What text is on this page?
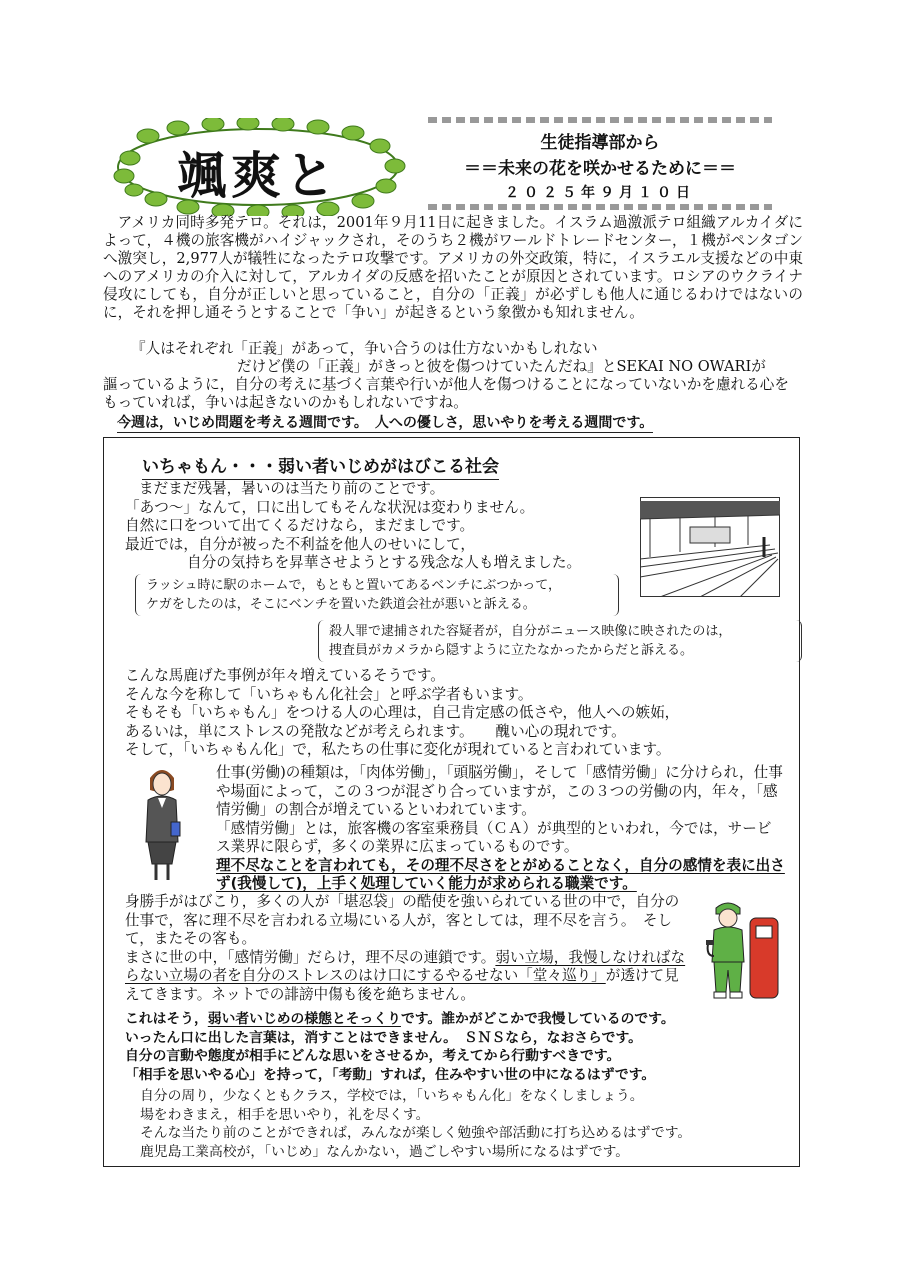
颯爽と
生徒指導部から
＝＝未来の花を咲かせるために＝＝
２０２５年９月１０日
アメリカ同時多発テロ。それは，2001年９月11日に起きました。イスラム過激派テロ組織アルカイダによって，４機の旅客機がハイジャックされ，そのうち２機がワールドトレードセンター，１機がペンタゴンへ激突し，2,977人が犠牲になったテロ攻撃です。アメリカの外交政策，特に，イスラエル支援などの中東へのアメリカの介入に対して，アルカイダの反感を招いたことが原因とされています。ロシアのウクライナ侵攻にしても，自分が正しいと思っていること，自分の「正義」が必ずしも他人に通じるわけではないのに，それを押し通そうとすることで「争い」が起きるという象徴かも知れません。
『人はそれぞれ「正義」があって，争い合うのは仕方ないかもしれない
だけど僕の「正義」がきっと彼を傷つけていたんだね』とSEKAI NO OWARIが
謳っているように，自分の考えに基づく言葉や行いが他人を傷つけることになっていないかを慮れる心をもっていれば，争いは起きないのかもしれないですね。
今週は，いじめ問題を考える週間です。　人への優しさ，思いやりを考える週間です。
いちゃもん・・・弱い者いじめがはびこる社会
まだまだ残暑，暑いのは当たり前のことです。
「あつ～」なんて，口に出してもそんな状況は変わりません。
自然に口をついて出てくるだけなら，まだましです。
最近では，自分が被った不利益を他人のせいにして，
自分の気持ちを昇華させようとする残念な人も増えました。
ラッシュ時に駅のホームで，もともと置いてあるベンチにぶつかって，
ケガをしたのは，そこにベンチを置いた鉄道会社が悪いと訴える。
殺人罪で逮捕された容疑者が，自分がニュース映像に映されたのは，
捜査員がカメラから隠すように立たなかったからだと訴える。
こんな馬鹿げた事例が年々増えているそうです。
そんな今を称して「いちゃもん化社会」と呼ぶ学者もいます。
そもそも「いちゃもん」をつける人の心理は，自己肯定感の低さや，他人への嫉妬，
あるいは，単にストレスの発散などが考えられます。 醜い心の現れです。
そして，「いちゃもん化」で，私たちの仕事に変化が現れていると言われています。
仕事(労働)の種類は，「肉体労働」，「頭脳労働」，そして「感情労働」に分けられ，仕事や場面によって，この３つが混ざり合っていますが，この３つの労働の内，年々，「感情労働」の割合が増えているといわれています。
「感情労働」とは，旅客機の客室乗務員（ＣＡ）が典型的といわれ，今では，サービス業界に限らず，多くの業界に広まっているものです。
理不尽なことを言われても，その理不尽さをとがめることなく，自分の感情を表に出さず(我慢して)，上手く処理していく能力が求められる職業です。
身勝手がはびこり，多くの人が「堪忍袋」の酷使を強いられている世の中で，自分の仕事で，客に理不尽を言われる立場にいる人が，客としては，理不尽を言う。　 そして，またその客も。
まさに世の中，「感情労働」だらけ，理不尽の連鎖です。弱い立場，我慢しなければならない立場の者を自分のストレスのはけ口にするやるせない「堂々巡り」が透けて見えてきます。ネットでの誹謗中傷も後を絶ちません。
これはそう，弱い者いじめの様態とそっくりです。誰かがどこかで我慢しているのです。
いったん口に出した言葉は，消すことはできません。　ＳＮＳなら，なおさらです。
自分の言動や態度が相手にどんな思いをさせるか，考えてから行動すべきです。
「相手を思いやる心」を持って，「考動」すれば，住みやすい世の中になるはずです。
自分の周り，少なくともクラス，学校では，「いちゃもん化」をなくしましょう。
場をわきまえ，相手を思いやり，礼を尽くす。
そんな当たり前のことができれば，みんなが楽しく勉強や部活動に打ち込めるはずです。
鹿児島工業高校が，「いじめ」なんかない，過ごしやすい場所になるはずです。
